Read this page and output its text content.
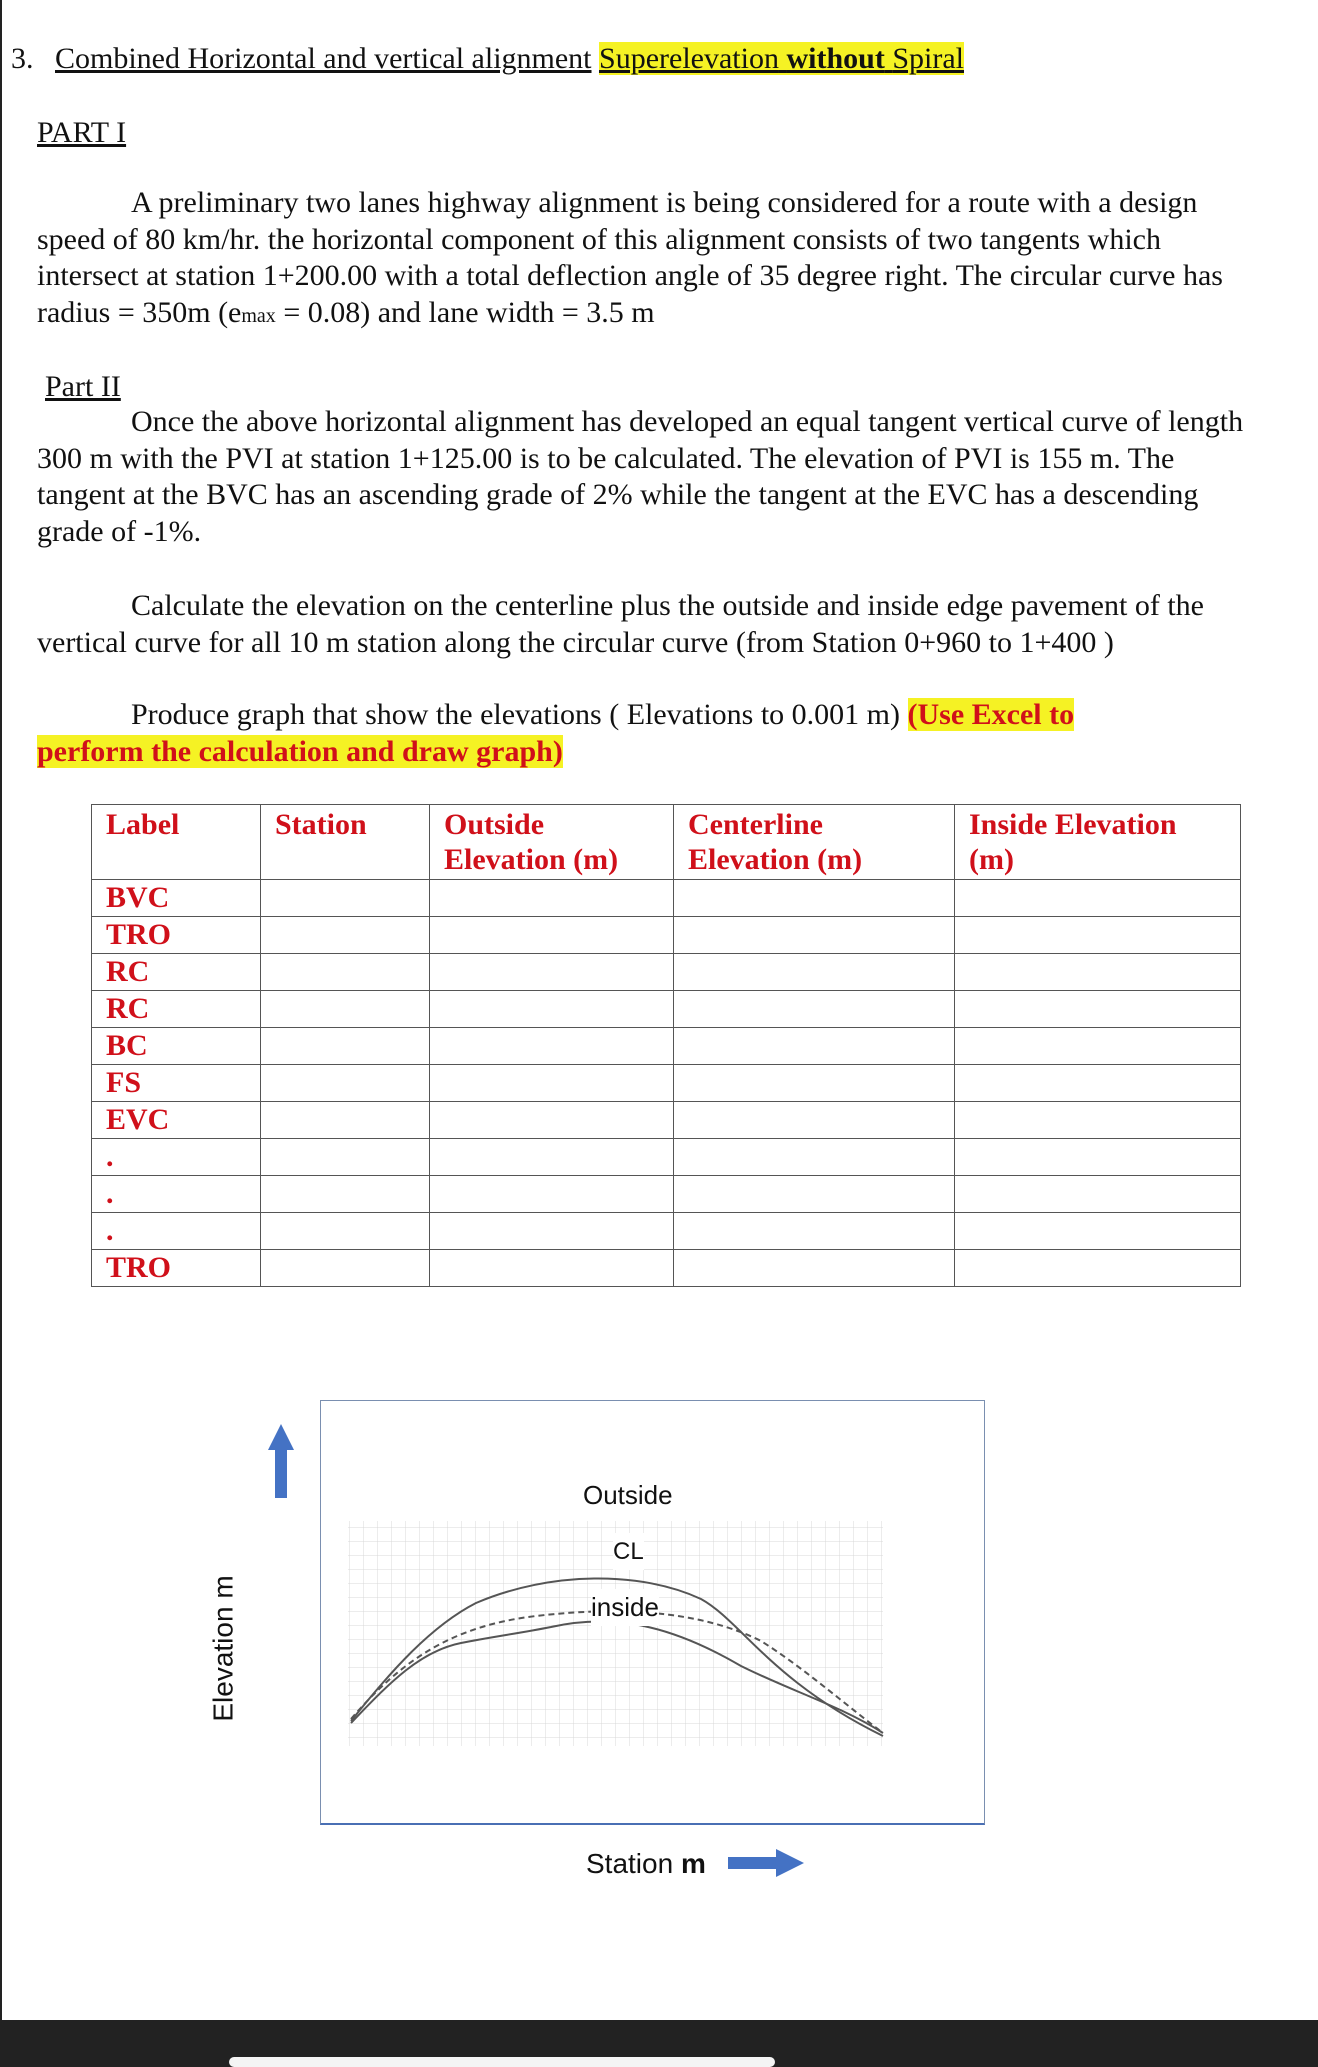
3. Combined Horizontal and vertical alignment Superelevation without Spiral
PART I
A preliminary two lanes highway alignment is being considered for a route with a design speed of 80 km/hr. the horizontal component of this alignment consists of two tangents which intersect at station 1+200.00 with a total deflection angle of 35 degree right. The circular curve has radius = 350m (emax = 0.08) and lane width = 3.5 m
Part II
Once the above horizontal alignment has developed an equal tangent vertical curve of length 300 m with the PVI at station 1+125.00 is to be calculated. The elevation of PVI is 155 m. The tangent at the BVC has an ascending grade of 2% while the tangent at the EVC has a descending grade of -1%.
Calculate the elevation on the centerline plus the outside and inside edge pavement of the vertical curve for all 10 m station along the circular curve (from Station 0+960 to 1+400 )
Produce graph that show the elevations ( Elevations to 0.001 m) (Use Excel to
perform the calculation and draw graph)
Label	Station	Outside Elevation (m)	Centerline Elevation (m)	Inside Elevation (m)
BVC				
TRO				
RC				
RC				
BC				
FS				
EVC				
.				
.				
.				
TRO				
Outside
CL
inside
Elevation m
Station m
